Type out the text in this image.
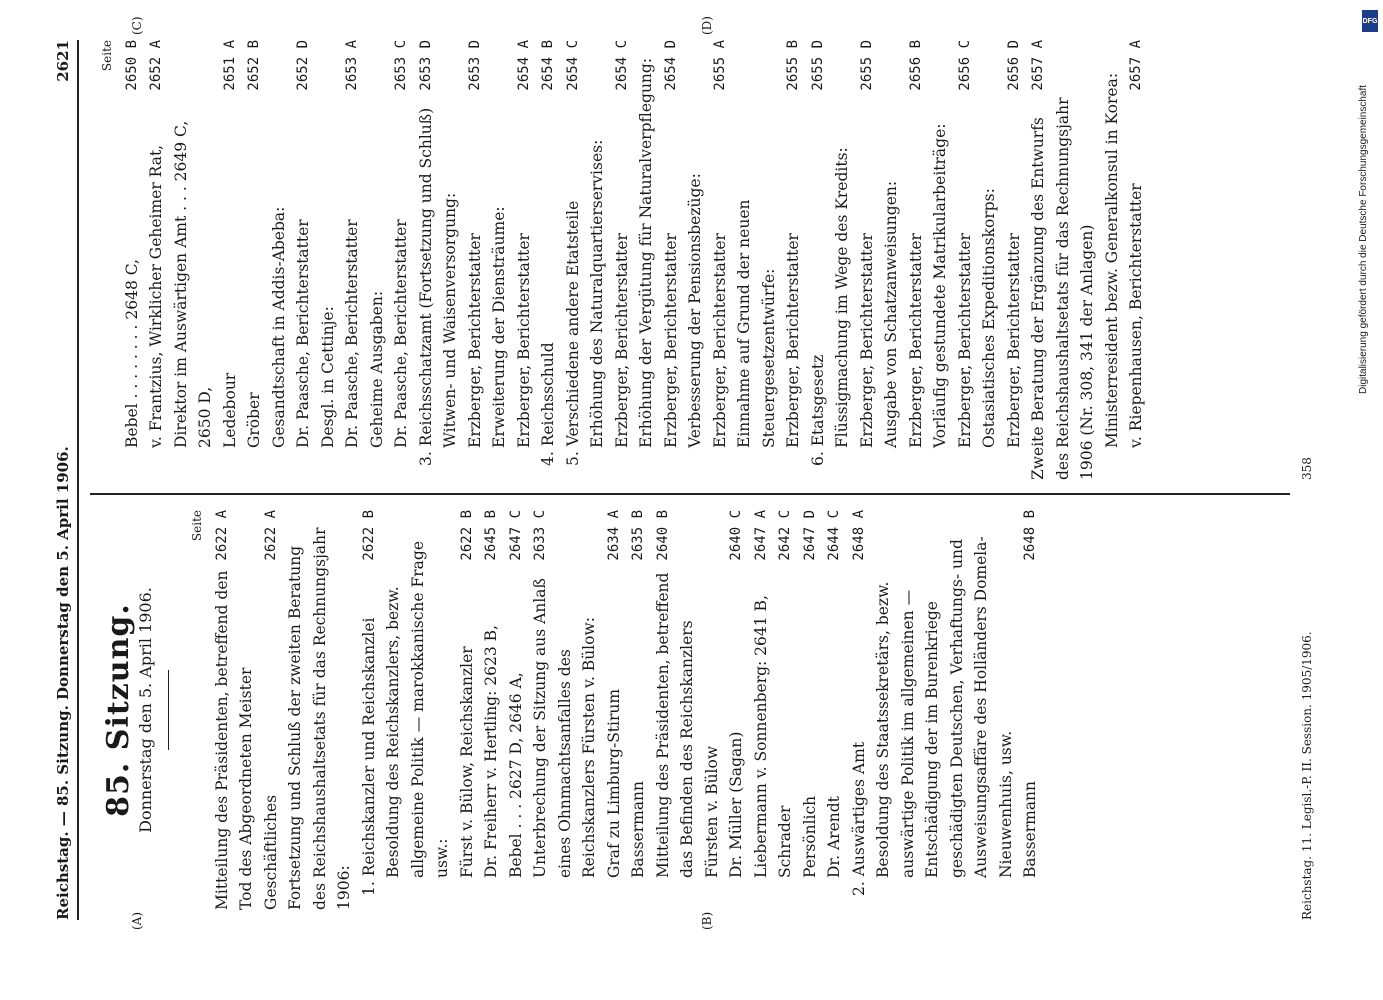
Reichstag. — 85. Sitzung. Donnerstag den 5. April 1906.
2621
(A)	(B)
(C)	(D)
85. Sitzung. Donnerstag den 5. April 1906.
Seite
Mitteilung des Präsidenten, betreffend den Tod des Abgeordneten Meister
2622 A
Geschäftliches
2622 A
Fortsetzung und Schluß der zweiten Beratung des Reichshaushaltsetats für das Rechnungsjahr 1906: 1. Reichskanzler und Reichskanzlei
2622 B
Besoldung des Reichskanzlers, bezw. allgemeine Politik — marokkanische Frage usw.: Fürst v. Bülow, Reichskanzler
2622 B
Dr. Freiherr v. Hertling: 2623 B,
2645 B
Bebel . . . 2627 D, 2646 A,
2647 C
Unterbrechung der Sitzung aus Anlaß eines Ohnmachtsanfalles des Reichskanzlers Fürsten v. Bülow:
2633 C
Graf zu Limburg-Stirum
2634 A
Bassermann
2635 B
Mitteilung des Präsidenten, betreffend das Befinden des Reichskanzlers Fürsten v. Bülow
2640 B
Dr. Müller (Sagan)
2640 C
Liebermann v. Sonnenberg: 2641 B,
2647 A
Schrader
2642 C
Persönlich
2647 D
Dr. Arendt
2644 C
2. Auswärtiges Amt
2648 A
Besoldung des Staatssekretärs, bezw. auswärtige Politik im allgemeinen — Entschädigung der im Burenkriege geschädigten Deutschen, Verhaftungs- und Ausweisungsaffäre des Holländers Domela-Nieuwenhuis, usw. Bassermann
2648 B
Seite
Bebel . . . . . . . . 2648 C,
2650 B
v. Frantzius, Wirklicher Geheimer Rat, Direktor im Auswärtigen Amt . . . 2649 C, 2650 D,
2652 A
Ledebour
2651 A
Gröber
2652 B
Gesandtschaft in Addis-Abeba: Dr. Paasche, Berichterstatter
2652 D
Desgl. in Cettinje: Dr. Paasche, Berichterstatter
2653 A
Geheime Ausgaben: Dr. Paasche, Berichterstatter
2653 C
3. Reichsschatzamt (Fortsetzung und Schluß)
2653 D
Witwen- und Waisenversorgung: Erzberger, Berichterstatter
2653 D
Erweiterung der Diensträume: Erzberger, Berichterstatter
2654 A
4. Reichsschuld
2654 B
5. Verschiedene andere Etatsteile
2654 C
Erhöhung des Naturalquartierservises: Erzberger, Berichterstatter
2654 C Erhöhung der Vergütung für Naturalverpflegung: Erzberger, Berichterstatter
2654 D
Verbesserung der Pensionsbezüge: Erzberger, Berichterstatter
2655 A
Einnahme auf Grund der neuen Steuergesetzentwürfe: Erzberger, Berichterstatter
2655 B
6. Etatsgesetz
2655 D
Flüssigmachung im Wege des Kredits: Erzberger, Berichterstatter
2655 D
Ausgabe von Schatzanweisungen: Erzberger, Berichterstatter
2656 B
Vorläufig gestundete Matrikularbeiträge: Erzberger, Berichterstatter
2656 C
Ostasiatisches Expeditionskorps: Erzberger, Berichterstatter
2656 D
Zweite Beratung der Ergänzung des Entwurfs des Reichshaushaltsetats für das Rechnungsjahr 1906 (Nr. 308, 341 der Anlagen)
2657 A
Ministerresident bezw. Generalkonsul in Korea: v. Riepenhausen, Berichterstatter
2657 A
Reichstag. 11. Legisl.-P. II. Session. 1905/1906.
358
DFG
Digitalisierung gefördert durch die Deutsche Forschungsgemeinschaft
